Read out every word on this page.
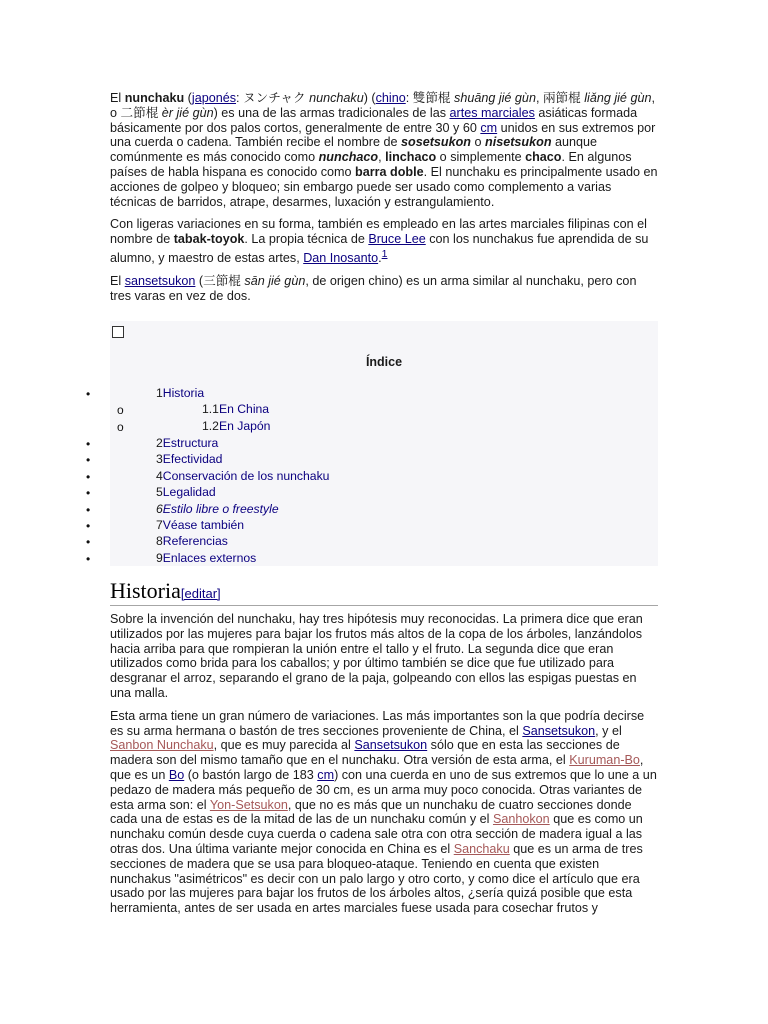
El nunchaku (japonés: ヌンチャク nunchaku) (chino: 雙節棍 shuāng jié gùn, 兩節棍 liǎng jié gùn, o 二節棍 èr jié gùn) es una de las armas tradicionales de las artes marciales asiáticas formada básicamente por dos palos cortos, generalmente de entre 30 y 60 cm unidos en sus extremos por una cuerda o cadena. También recibe el nombre de sosetsukon o nisetsukon aunque comúnmente es más conocido como nunchaco, linchaco o simplemente chaco. En algunos países de habla hispana es conocido como barra doble. El nunchaku es principalmente usado en acciones de golpeo y bloqueo; sin embargo puede ser usado como complemento a varias técnicas de barridos, atrape, desarmes, luxación y estrangulamiento.

Con ligeras variaciones en su forma, también es empleado en las artes marciales filipinas con el nombre de tabak-toyok. La propia técnica de Bruce Lee con los nunchakus fue aprendida de su alumno, y maestro de estas artes, Dan Inosanto.$^1$

El sansetsukon (三節棍 sān jié gùn, de origen chino) es un arma similar al nunchaku, pero con tres varas en vez de dos.

Índice
•
o
o
•
•
•
•
•
•
•
•
1Historia
1.1En China
1.2En Japón
2Estructura
3Efectividad
4Conservación de los nunchaku
5Legalidad
6Estilo libre o freestyle
7Véase también
8Referencias
9Enlaces externos
Historia[editar]

Sobre la invención del nunchaku, hay tres hipótesis muy reconocidas. La primera dice que eran utilizados por las mujeres para bajar los frutos más altos de la copa de los árboles, lanzándolos hacia arriba para que rompieran la unión entre el tallo y el fruto. La segunda dice que eran utilizados como brida para los caballos; y por último también se dice que fue utilizado para desgranar el arroz, separando el grano de la paja, golpeando con ellos las espigas puestas en una malla.

Esta arma tiene un gran número de variaciones. Las más importantes son la que podría decirse es su arma hermana o bastón de tres secciones proveniente de China, el Sansetsukon, y el Sanbon Nunchaku, que es muy parecida al Sansetsukon sólo que en esta las secciones de madera son del mismo tamaño que en el nunchaku. Otra versión de esta arma, el Kuruman-Bo, que es un Bo (o bastón largo de 183 cm) con una cuerda en uno de sus extremos que lo une a un pedazo de madera más pequeño de 30 cm, es un arma muy poco conocida. Otras variantes de esta arma son: el Yon-Setsukon, que no es más que un nunchaku de cuatro secciones donde cada una de estas es de la mitad de las de un nunchaku común y el Sanhokon que es como un nunchaku común desde cuya cuerda o cadena sale otra con otra sección de madera igual a las otras dos. Una última variante mejor conocida en China es el Sanchaku que es un arma de tres secciones de madera que se usa para bloqueo-ataque. Teniendo en cuenta que existen nunchakus "asimétricos" es decir con un palo largo y otro corto, y como dice el artículo que era usado por las mujeres para bajar los frutos de los árboles altos, ¿sería quizá posible que esta herramienta, antes de ser usada en artes marciales fuese usada para cosechar frutos y
